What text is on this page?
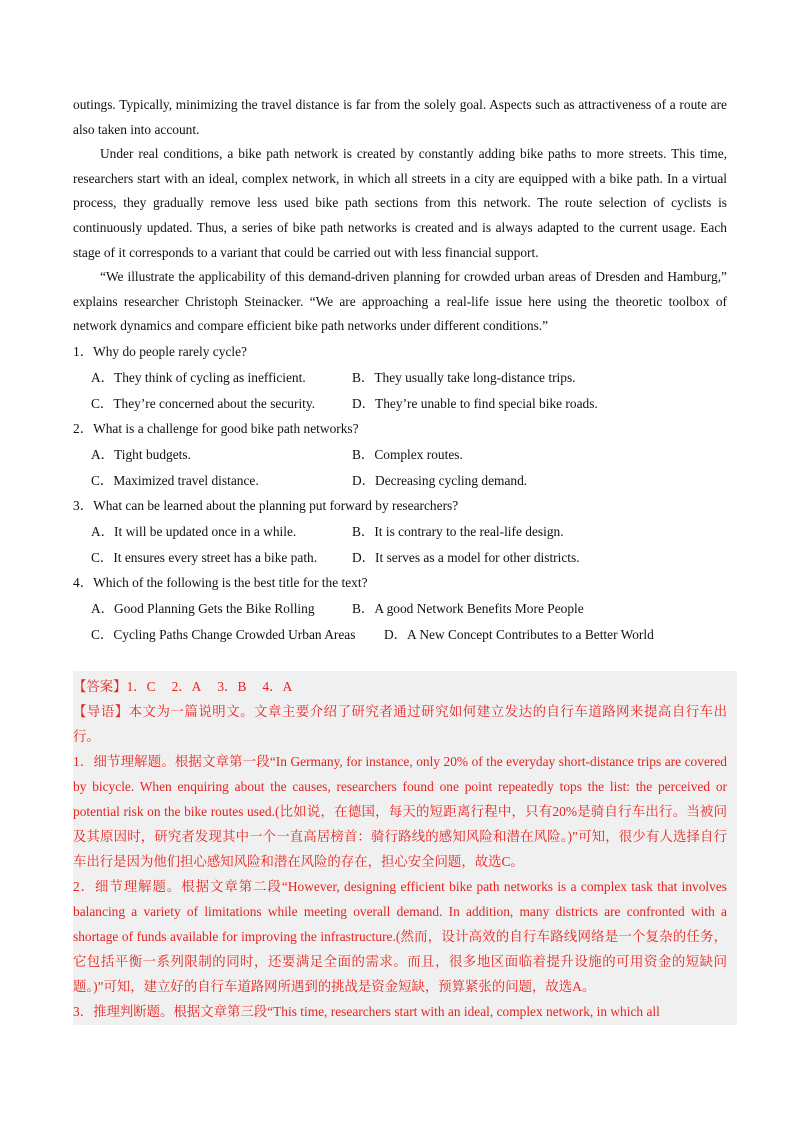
outings. Typically, minimizing the travel distance is far from the solely goal. Aspects such as attractiveness of a route are also taken into account.

Under real conditions, a bike path network is created by constantly adding bike paths to more streets. This time, researchers start with an ideal, complex network, in which all streets in a city are equipped with a bike path. In a virtual process, they gradually remove less used bike path sections from this network. The route selection of cyclists is continuously updated. Thus, a series of bike path networks is created and is always adapted to the current usage. Each stage of it corresponds to a variant that could be carried out with less financial support.

“We illustrate the applicability of this demand-driven planning for crowded urban areas of Dresden and Hamburg,” explains researcher Christoph Steinacker. “We are approaching a real-life issue here using the theoretic toolbox of network dynamics and compare efficient bike path networks under different conditions.”

1．Why do people rarely cycle?
A．They think of cycling as inefficient.	B．They usually take long-distance trips.
C．They’re concerned about the security.	D．They’re unable to find special bike roads.
2．What is a challenge for good bike path networks?
A．Tight budgets.	B．Complex routes.
C．Maximized travel distance.	D．Decreasing cycling demand.
3．What can be learned about the planning put forward by researchers?
A．It will be updated once in a while.	B．It is contrary to the real-life design.
C．It ensures every street has a bike path.	D．It serves as a model for other districts.
4．Which of the following is the best title for the text?
A．Good Planning Gets the Bike Rolling	B．A good Network Benefits More People
C．Cycling Paths Change Crowded Urban Areas D．A New Concept Contributes to a Better World

【答案】1．C 2．A 3．B 4．A

【导语】本文为一篇说明文。文章主要介绍了研究者通过研究如何建立发达的自行车道路网来提高自行车出行。

1．细节理解题。根据文章第一段“In Germany, for instance, only 20% of the everyday short-distance trips are covered by bicycle. When enquiring about the causes, researchers found one point repeatedly tops the list: the perceived or potential risk on the bike routes used.(比如说，在德国，每天的短距离行程中，只有20%是骑自行车出行。当被问及其原因时，研究者发现其中一个一直高居榜首：骑行路线的感知风险和潜在风险。)”可知，很少有人选择自行车出行是因为他们担心感知风险和潜在风险的存在，担心安全问题，故选C。

2．细节理解题。根据文章第二段“However, designing efficient bike path networks is a complex task that involves balancing a variety of limitations while meeting overall demand. In addition, many districts are confronted with a shortage of funds available for improving the infrastructure.(然而，设计高效的自行车路线网络是一个复杂的任务，它包括平衡一系列限制的同时，还要满足全面的需求。而且，很多地区面临着提升设施的可用资金的短缺问题。)”可知，建立好的自行车道路网所遇到的挑战是资金短缺，预算紧张的问题，故选A。

3．推理判断题。根据文章第三段“This time, researchers start with an ideal, complex network, in which all
